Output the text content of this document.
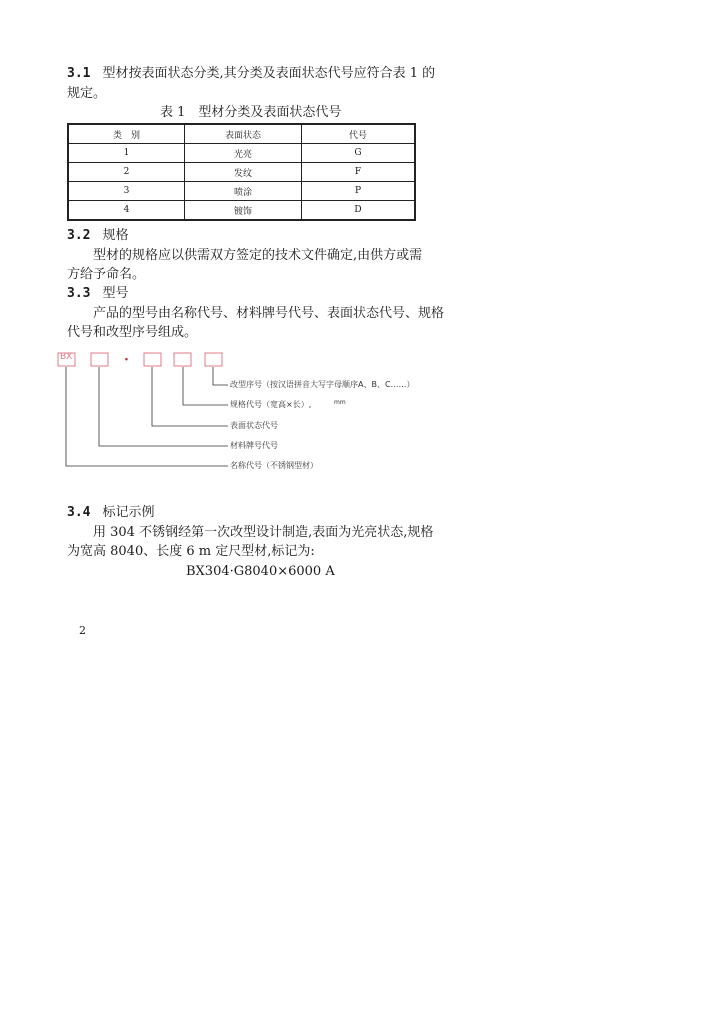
3.1 型材按表面状态分类,其分类及表面状态代号应符合表 1 的
规定。
表 1　型材分类及表面状态代号
类　别	表面状态	代号
1	光亮	G
2	发纹	F
3	喷涂	P
4	镀饰	D
3.2 规格
型材的规格应以供需双方签定的技术文件确定,由供方或需
方给予命名。
3.3 型号
产品的型号由名称代号、材料牌号代号、表面状态代号、规格
代号和改型序号组成。
BX	·
改型序号（按汉语拼音大写字母顺序A、B、C……）
规格代号（宽高×长）,	mm
表面状态代号
材料牌号代号
名称代号（不锈钢型材）
3.4 标记示例
用 304 不锈钢经第一次改型设计制造,表面为光亮状态,规格
为宽高 8040、长度 6 m 定尺型材,标记为:
BX304·G8040×6000 A
2
